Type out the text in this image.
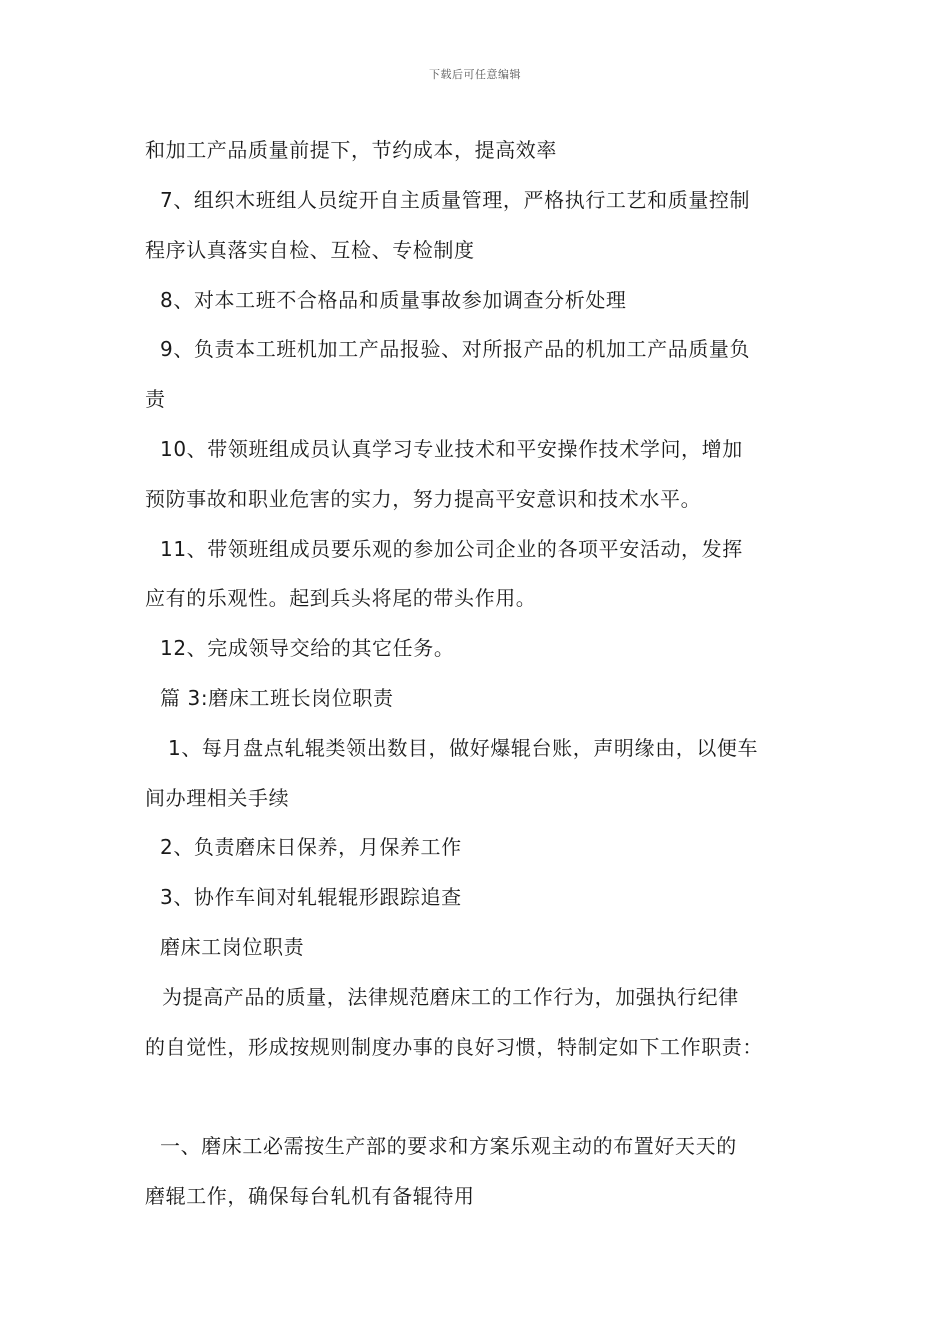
下载后可任意编辑
和加工产品质量前提下，节约成本，提高效率
7、组织木班组人员绽开自主质量管理，严格执行工艺和质量控制
程序认真落实自检、互检、专检制度
8、对本工班不合格品和质量事故参加调查分析处理
9、负责本工班机加工产品报验、对所报产品的机加工产品质量负
责
10、带领班组成员认真学习专业技术和平安操作技术学问，增加
预防事故和职业危害的实力，努力提高平安意识和技术水平。
11、带领班组成员要乐观的参加公司企业的各项平安活动，发挥
应有的乐观性。起到兵头将尾的带头作用。
12、完成领导交给的其它任务。
篇 3:磨床工班长岗位职责
1、每月盘点轧辊类领出数目，做好爆辊台账，声明缘由，以便车
间办理相关手续
2、负责磨床日保养，月保养工作
3、协作车间对轧辊辊形跟踪追查
磨床工岗位职责
为提高产品的质量，法律规范磨床工的工作行为，加强执行纪律
的自觉性，形成按规则制度办事的良好习惯，特制定如下工作职责：
一、磨床工必需按生产部的要求和方案乐观主动的布置好天天的
磨辊工作，确保每台轧机有备辊待用
